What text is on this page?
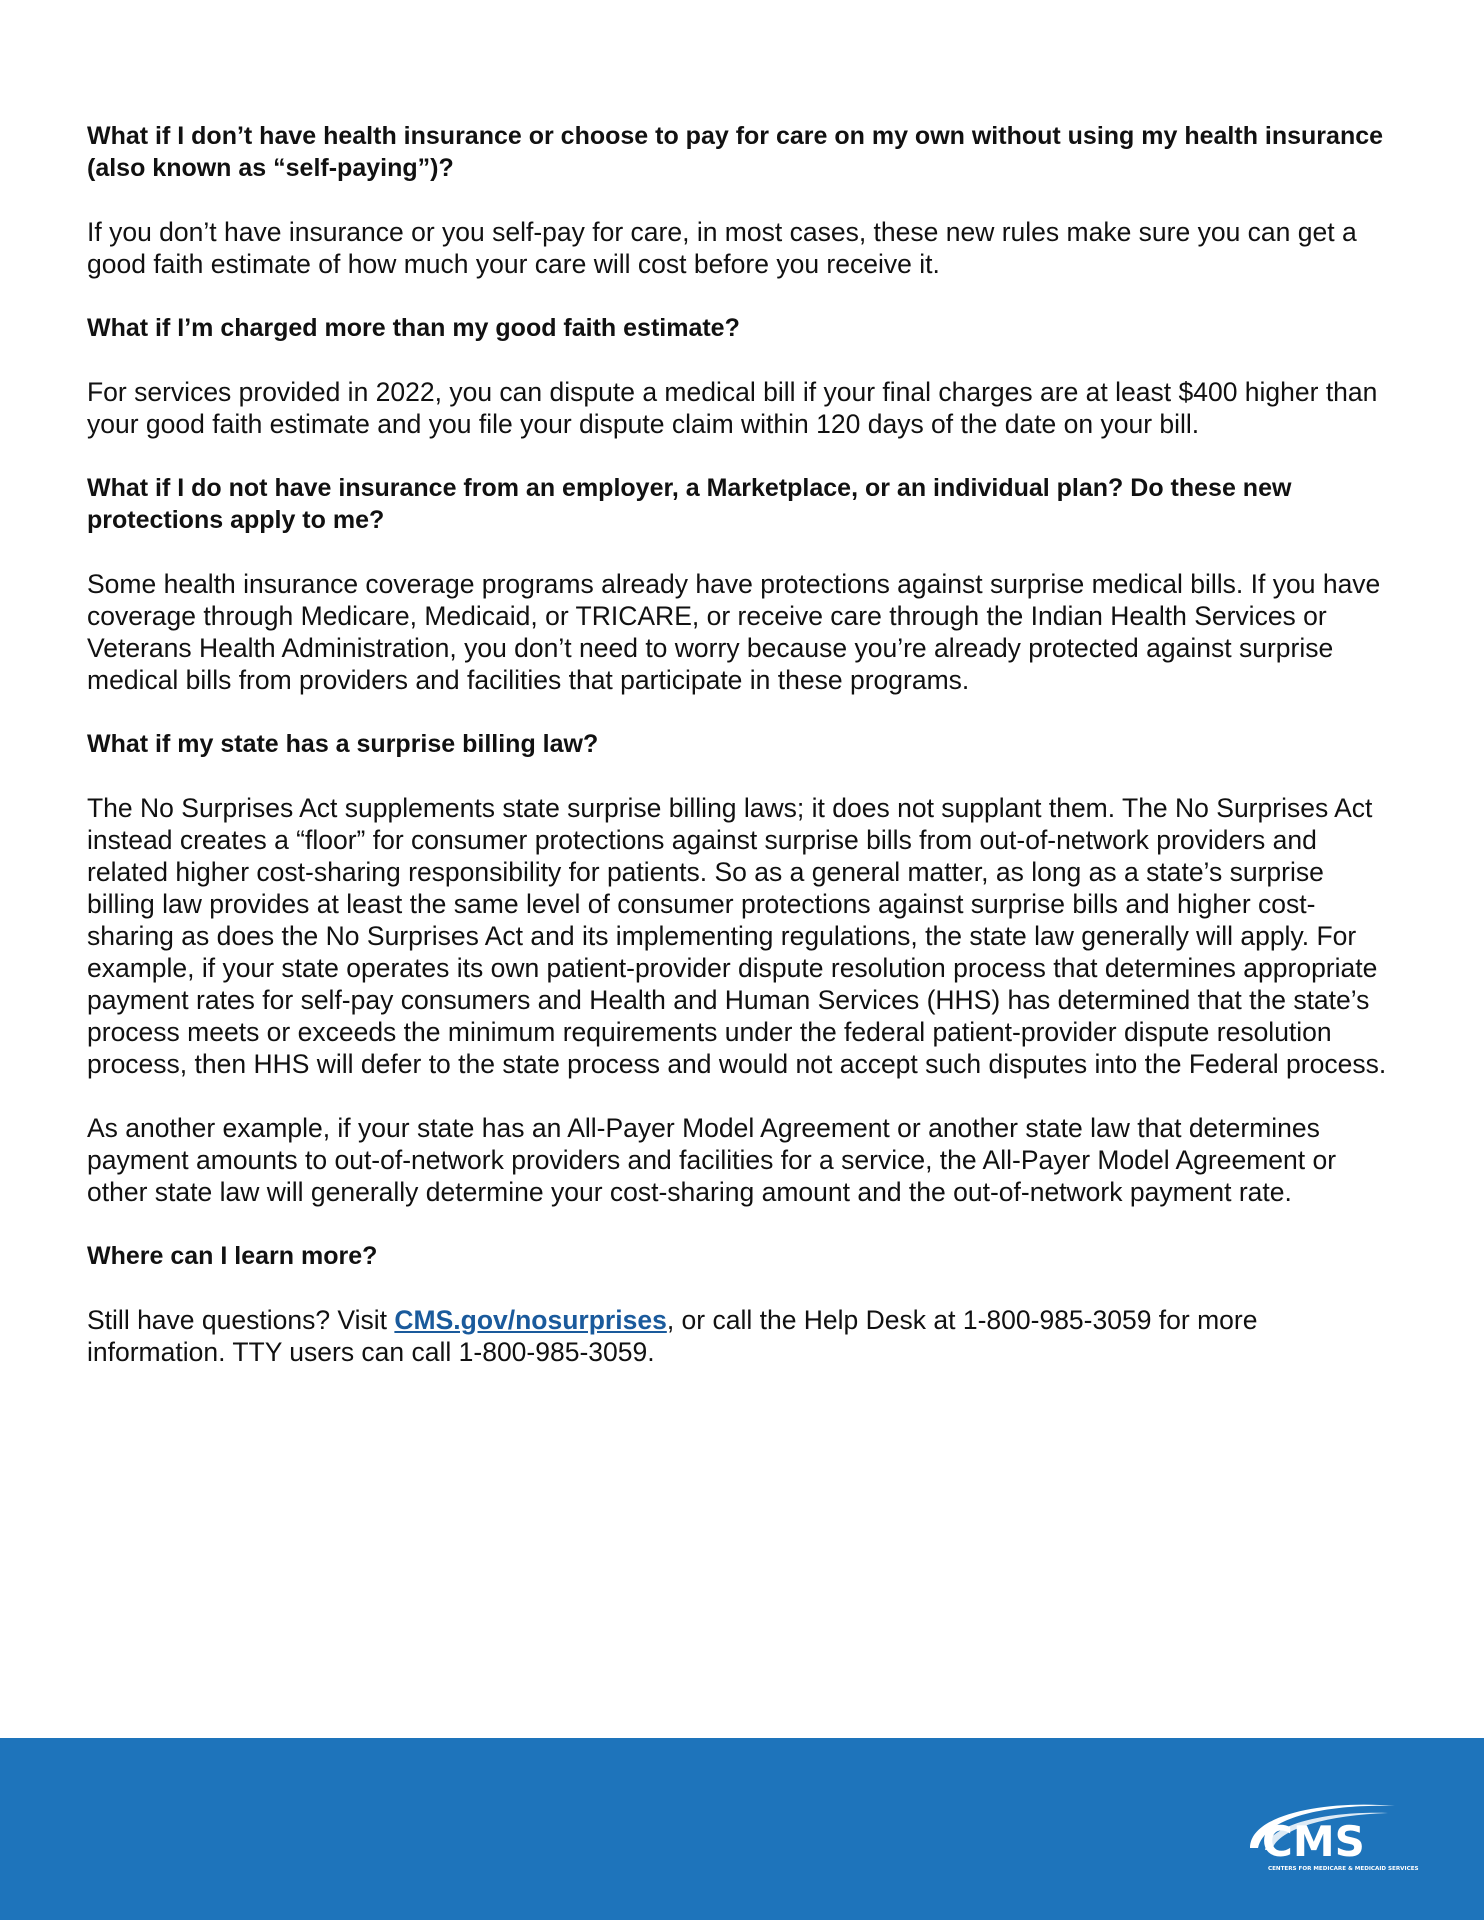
What if I don’t have health insurance or choose to pay for care on my own without using my health insurance (also known as “self-paying”)?

If you don’t have insurance or you self-pay for care, in most cases, these new rules make sure you can get a good faith estimate of how much your care will cost before you receive it.

What if I’m charged more than my good faith estimate?

For services provided in 2022, you can dispute a medical bill if your final charges are at least $400 higher than your good faith estimate and you file your dispute claim within 120 days of the date on your bill.

What if I do not have insurance from an employer, a Marketplace, or an individual plan? Do these new protections apply to me?

Some health insurance coverage programs already have protections against surprise medical bills. If you have coverage through Medicare, Medicaid, or TRICARE, or receive care through the Indian Health Services or Veterans Health Administration, you don’t need to worry because you’re already protected against surprise medical bills from providers and facilities that participate in these programs.

What if my state has a surprise billing law?

The No Surprises Act supplements state surprise billing laws; it does not supplant them. The No Surprises Act instead creates a “floor” for consumer protections against surprise bills from out-of-network providers and related higher cost-sharing responsibility for patients. So as a general matter, as long as a state’s surprise billing law provides at least the same level of consumer protections against surprise bills and higher cost-sharing as does the No Surprises Act and its implementing regulations, the state law generally will apply. For example, if your state operates its own patient-provider dispute resolution process that determines appropriate payment rates for self-pay consumers and Health and Human Services (HHS) has determined that the state’s process meets or exceeds the minimum requirements under the federal patient-provider dispute resolution process, then HHS will defer to the state process and would not accept such disputes into the Federal process.

As another example, if your state has an All-Payer Model Agreement or another state law that determines payment amounts to out-of-network providers and facilities for a service, the All-Payer Model Agreement or other state law will generally determine your cost-sharing amount and the out-of-network payment rate.

Where can I learn more?

Still have questions? Visit CMS.gov/nosurprises, or call the Help Desk at 1-800-985-3059 for more information. TTY users can call 1-800-985-3059.

CMS
CENTERS FOR MEDICARE & MEDICAID SERVICES
